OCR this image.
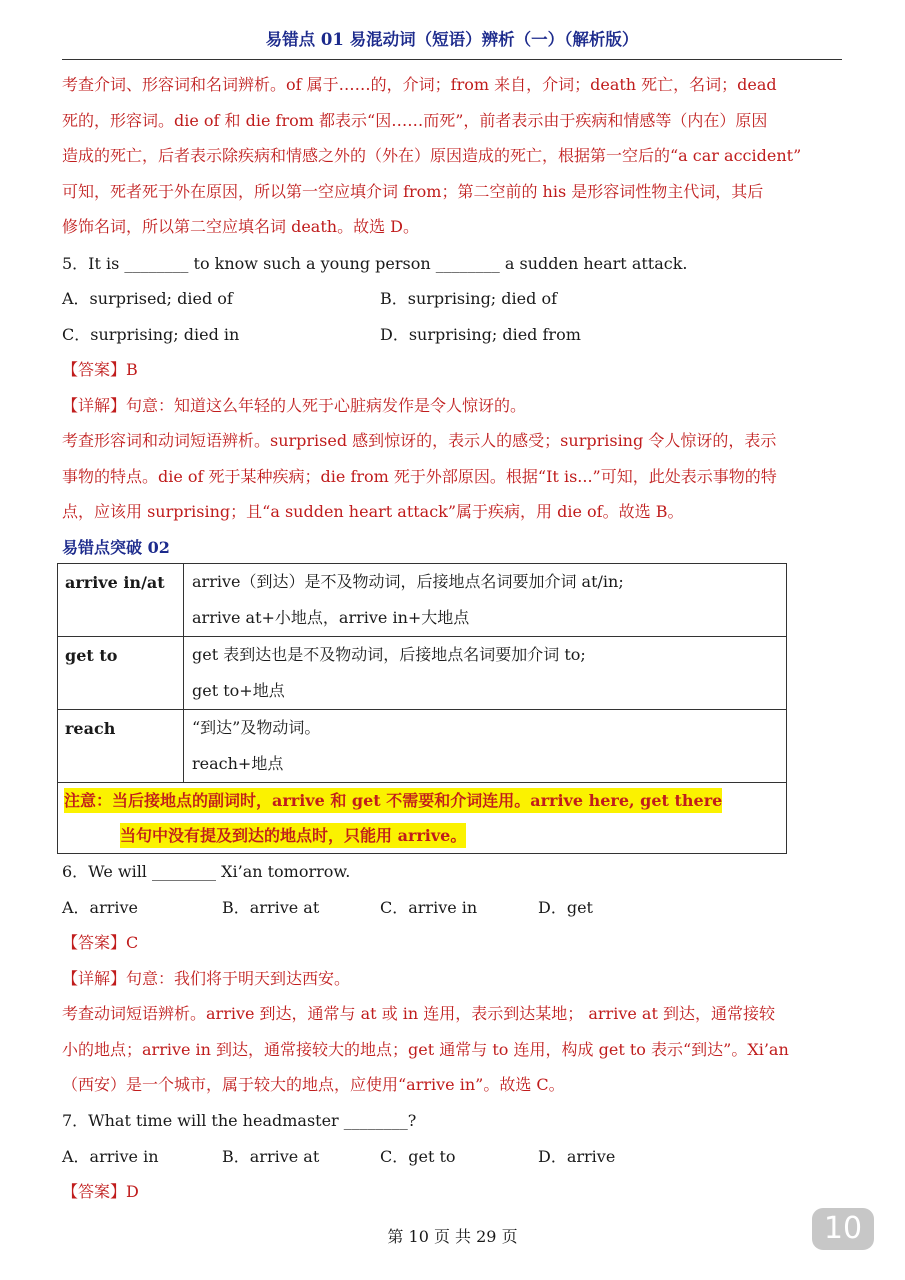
易错点 01 易混动词（短语）辨析（一）（解析版）
考查介词、形容词和名词辨析。of 属于……的，介词；from 来自，介词；death 死亡，名词；dead
死的，形容词。die of 和 die from 都表示“因……而死”，前者表示由于疾病和情感等（内在）原因
造成的死亡，后者表示除疾病和情感之外的（外在）原因造成的死亡，根据第一空后的“a car accident”
可知，死者死于外在原因，所以第一空应填介词 from；第二空前的 his 是形容词性物主代词，其后
修饰名词，所以第二空应填名词 death。故选 D。
5．It is ________ to know such a young person ________ a sudden heart attack.
A．surprised; died of	B．surprising; died of
C．surprising; died in	D．surprising; died from
【答案】B
【详解】句意：知道这么年轻的人死于心脏病发作是令人惊讶的。
考查形容词和动词短语辨析。surprised 感到惊讶的，表示人的感受；surprising 令人惊讶的，表示
事物的特点。die of 死于某种疾病；die from 死于外部原因。根据“It is...”可知，此处表示事物的特
点，应该用 surprising；且“a sudden heart attack”属于疾病，用 die of。故选 B。
易错点突破 02
arrive in/at	arrive（到达）是不及物动词，后接地点名词要加介词 at/in;
arrive at+小地点，arrive in+大地点

get to	get 表到达也是不及物动词，后接地点名词要加介词 to;
get to+地点

reach	“到达”及物动词。
reach+地点

注意：当后接地点的副词时，arrive 和 get 不需要和介词连用。arrive here, get there
当句中没有提及到达的地点时，只能用 arrive。	
6．We will ________ Xi’an tomorrow.
A．arrive	B．arrive at	C．arrive in	D．get
【答案】C
【详解】句意：我们将于明天到达西安。
考查动词短语辨析。arrive 到达，通常与 at 或 in 连用，表示到达某地； arrive at 到达，通常接较
小的地点；arrive in 到达，通常接较大的地点；get 通常与 to 连用，构成 get to 表示“到达”。Xi’an
（西安）是一个城市，属于较大的地点，应使用“arrive in”。故选 C。
7．What time will the headmaster ________?
A．arrive in	B．arrive at	C．get to	D．arrive
【答案】D
第 10 页 共 29 页	10
